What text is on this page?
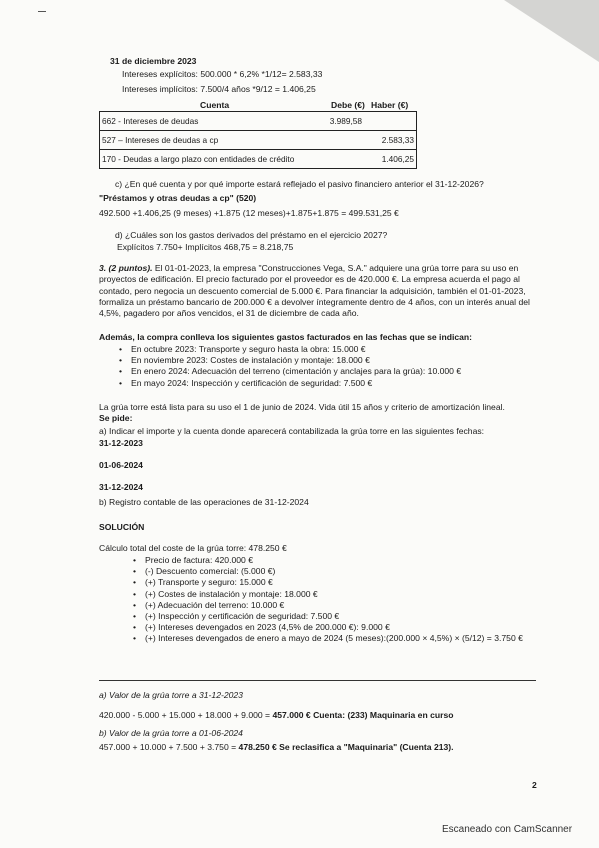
31 de diciembre 2023
Intereses explícitos: 500.000 * 6,2% *1/12= 2.583,33
Intereses implícitos: 7.500/4 años *9/12 = 1.406,25
Cuenta	Debe (€) Haber (€)
662 - Intereses de deudas	3.989,58	
527 – Intereses de deudas a cp		2.583,33
170 - Deudas a largo plazo con entidades de crédito		1.406,25
c) ¿En qué cuenta y por qué importe estará reflejado el pasivo financiero anterior el 31-12-2026?
"Préstamos y otras deudas a cp" (520)
492.500 +1.406,25 (9 meses) +1.875 (12 meses)+1.875+1.875 = 499.531,25 €
d) ¿Cuáles son los gastos derivados del préstamo en el ejercicio 2027?
Explícitos 7.750+ Implícitos 468,75 = 8.218,75
3. (2 puntos). El 01-01-2023, la empresa "Construcciones Vega, S.A." adquiere una grúa torre para su uso en proyectos de edificación. El precio facturado por el proveedor es de 420.000 €. La empresa acuerda el pago al contado, pero negocia un descuento comercial de 5.000 €. Para financiar la adquisición, también el 01-01-2023, formaliza un préstamo bancario de 200.000 € a devolver íntegramente dentro de 4 años, con un interés anual del 4,5%, pagadero por años vencidos, el 31 de diciembre de cada año.
Además, la compra conlleva los siguientes gastos facturados en las fechas que se indican:
• En octubre 2023: Transporte y seguro hasta la obra: 15.000 €
• En noviembre 2023: Costes de instalación y montaje: 18.000 €
• En enero 2024: Adecuación del terreno (cimentación y anclajes para la grúa): 10.000 €
• En mayo 2024: Inspección y certificación de seguridad: 7.500 €
La grúa torre está lista para su uso el 1 de junio de 2024. Vida útil 15 años y criterio de amortización lineal.
Se pide:
a) Indicar el importe y la cuenta donde aparecerá contabilizada la grúa torre en las siguientes fechas:
31-12-2023
01-06-2024
31-12-2024
b) Registro contable de las operaciones de 31-12-2024
SOLUCIÓN
Cálculo total del coste de la grúa torre: 478.250 €
• Precio de factura: 420.000 €
• (-) Descuento comercial: (5.000 €)
• (+) Transporte y seguro: 15.000 €
• (+) Costes de instalación y montaje: 18.000 €
• (+) Adecuación del terreno: 10.000 €
• (+) Inspección y certificación de seguridad: 7.500 €
• (+) Intereses devengados en 2023 (4,5% de 200.000 €): 9.000 €
• (+) Intereses devengados de enero a mayo de 2024 (5 meses):(200.000 × 4,5%) × (5/12) = 3.750 €
a) Valor de la grúa torre a 31-12-2023
420.000 - 5.000 + 15.000 + 18.000 + 9.000 = 457.000 € Cuenta: (233) Maquinaria en curso
b) Valor de la grúa torre a 01-06-2024
457.000 + 10.000 + 7.500 + 3.750 = 478.250 € Se reclasifica a "Maquinaria" (Cuenta 213).
2
Escaneado con CamScanner
